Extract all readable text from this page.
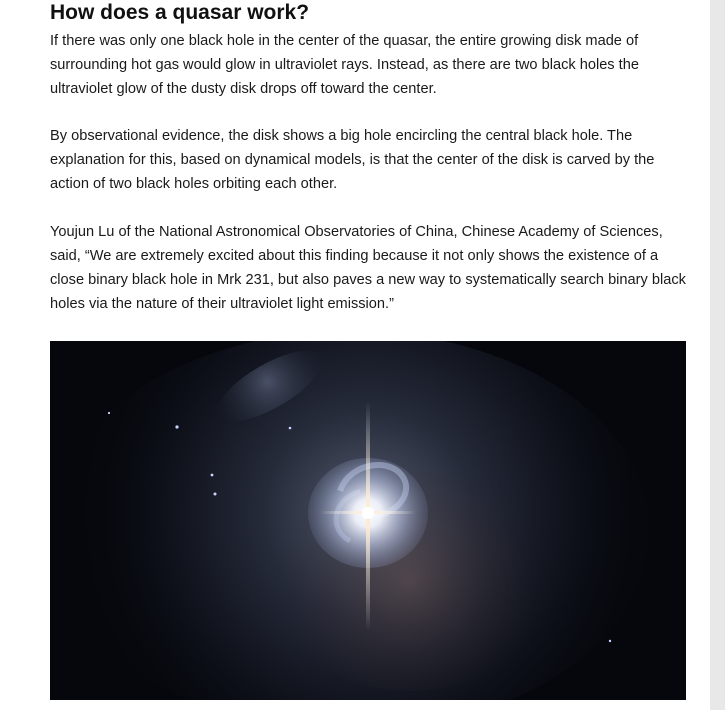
How does a quasar work?

If there was only one black hole in the center of the quasar, the entire growing disk made of surrounding hot gas would glow in ultraviolet rays. Instead, as there are two black holes the ultraviolet glow of the dusty disk drops off toward the center.

By observational evidence, the disk shows a big hole encircling the central black hole. The explanation for this, based on dynamical models, is that the center of the disk is carved by the action of two black holes orbiting each other.

Youjun Lu of the National Astronomical Observatories of China, Chinese Academy of Sciences, said, “We are extremely excited about this finding because it not only shows the existence of a close binary black hole in Mrk 231, but also paves a new way to systematically search binary black holes via the nature of their ultraviolet light emission.”
